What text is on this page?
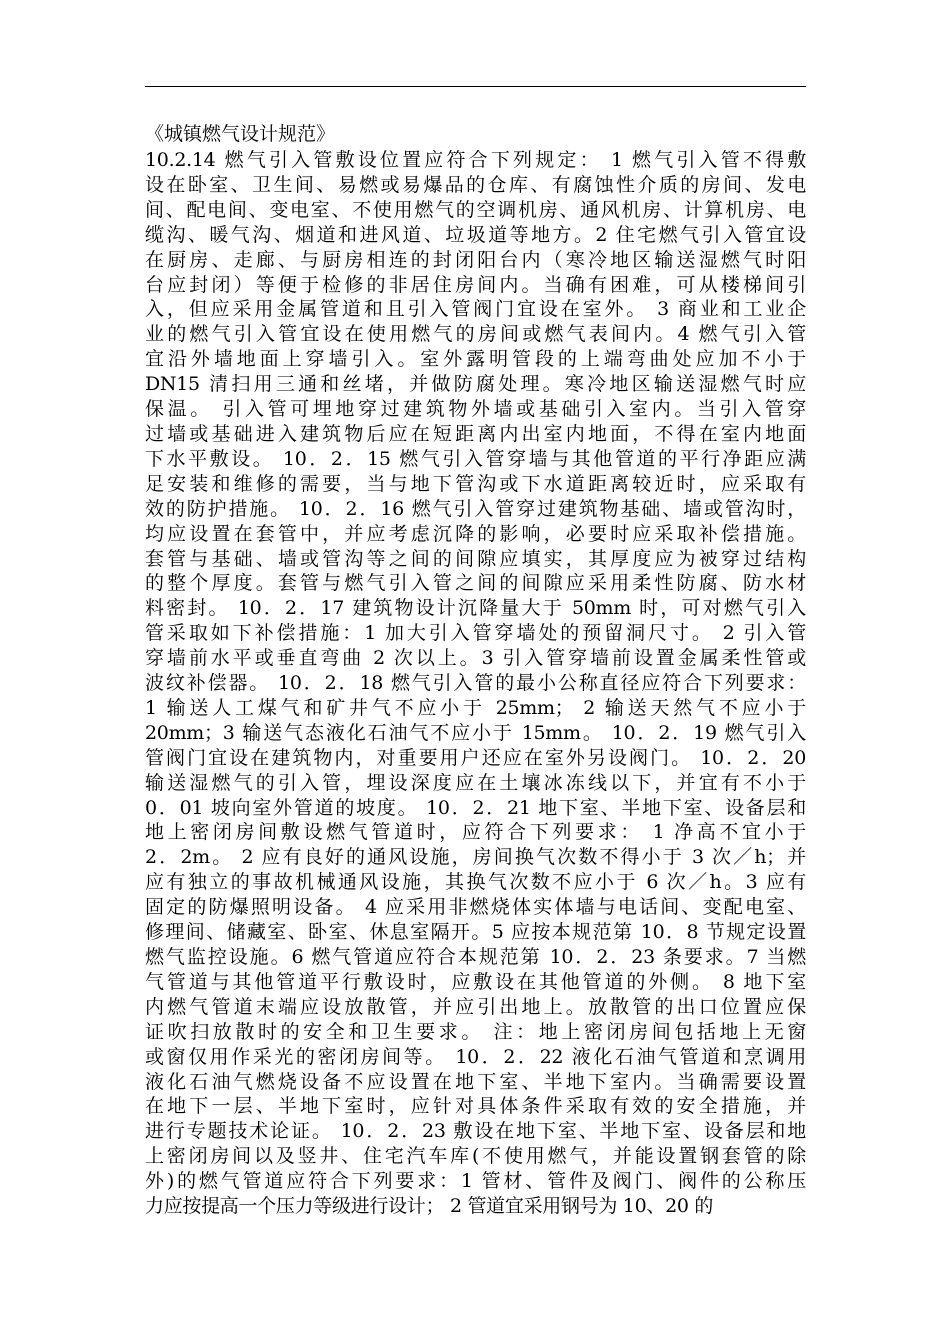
《城镇燃气设计规范》
10.2.14 燃气引入管敷设位置应符合下列规定： 1 燃气引入管不得敷
设在卧室、卫生间、易燃或易爆品的仓库、有腐蚀性介质的房间、发电
间、配电间、变电室、不使用燃气的空调机房、通风机房、计算机房、电
缆沟、暖气沟、烟道和进风道、垃圾道等地方。2 住宅燃气引入管宜设
在厨房、走廊、与厨房相连的封闭阳台内（寒冷地区输送湿燃气时阳
台应封闭）等便于检修的非居住房间内。当确有困难，可从楼梯间引
入，但应采用金属管道和且引入管阀门宜设在室外。 3 商业和工业企
业的燃气引入管宜设在使用燃气的房间或燃气表间内。4 燃气引入管
宜沿外墙地面上穿墙引入。室外露明管段的上端弯曲处应加不小于
DN15 清扫用三通和丝堵，并做防腐处理。寒冷地区输送湿燃气时应
保温。 引入管可埋地穿过建筑物外墙或基础引入室内。当引入管穿
过墙或基础进入建筑物后应在短距离内出室内地面，不得在室内地面
下水平敷设。 10．2．15 燃气引入管穿墙与其他管道的平行净距应满
足安装和维修的需要，当与地下管沟或下水道距离较近时，应采取有
效的防护措施。 10．2．16 燃气引入管穿过建筑物基础、墙或管沟时，
均应设置在套管中，并应考虑沉降的影响，必要时应采取补偿措施。
套管与基础、墙或管沟等之间的间隙应填实，其厚度应为被穿过结构
的整个厚度。套管与燃气引入管之间的间隙应采用柔性防腐、防水材
料密封。 10．2．17 建筑物设计沉降量大于 50mm 时，可对燃气引入
管采取如下补偿措施：1 加大引入管穿墙处的预留洞尺寸。 2 引入管
穿墙前水平或垂直弯曲 2 次以上。3 引入管穿墙前设置金属柔性管或
波纹补偿器。 10．2．18 燃气引入管的最小公称直径应符合下列要求：
1 输送人工煤气和矿井气不应小于 25mm； 2 输送天然气不应小于
20mm；3 输送气态液化石油气不应小于 15mm。 10．2．19 燃气引入
管阀门宜设在建筑物内，对重要用户还应在室外另设阀门。 10．2．20
输送湿燃气的引入管，埋设深度应在土壤冰冻线以下，并宜有不小于
0．01 坡向室外管道的坡度。 10．2．21 地下室、半地下室、设备层和
地上密闭房间敷设燃气管道时，应符合下列要求： 1 净高不宜小于
2．2m。 2 应有良好的通风设施，房间换气次数不得小于 3 次／h；并
应有独立的事故机械通风设施，其换气次数不应小于 6 次／h。3 应有
固定的防爆照明设备。 4 应采用非燃烧体实体墙与电话间、变配电室、
修理间、储藏室、卧室、休息室隔开。5 应按本规范第 10．8 节规定设置
燃气监控设施。6 燃气管道应符合本规范第 10．2．23 条要求。7 当燃
气管道与其他管道平行敷设时，应敷设在其他管道的外侧。 8 地下室
内燃气管道末端应设放散管，并应引出地上。放散管的出口位置应保
证吹扫放散时的安全和卫生要求。 注：地上密闭房间包括地上无窗
或窗仅用作采光的密闭房间等。 10．2．22 液化石油气管道和烹调用
液化石油气燃烧设备不应设置在地下室、半地下室内。当确需要设置
在地下一层、半地下室时，应针对具体条件采取有效的安全措施，并
进行专题技术论证。 10．2．23 敷设在地下室、半地下室、设备层和地
上密闭房间以及竖井、住宅汽车库(不使用燃气，并能设置钢套管的除
外)的燃气管道应符合下列要求：1 管材、管件及阀门、阀件的公称压
力应按提高一个压力等级进行设计； 2 管道宜采用钢号为 10、20 的
